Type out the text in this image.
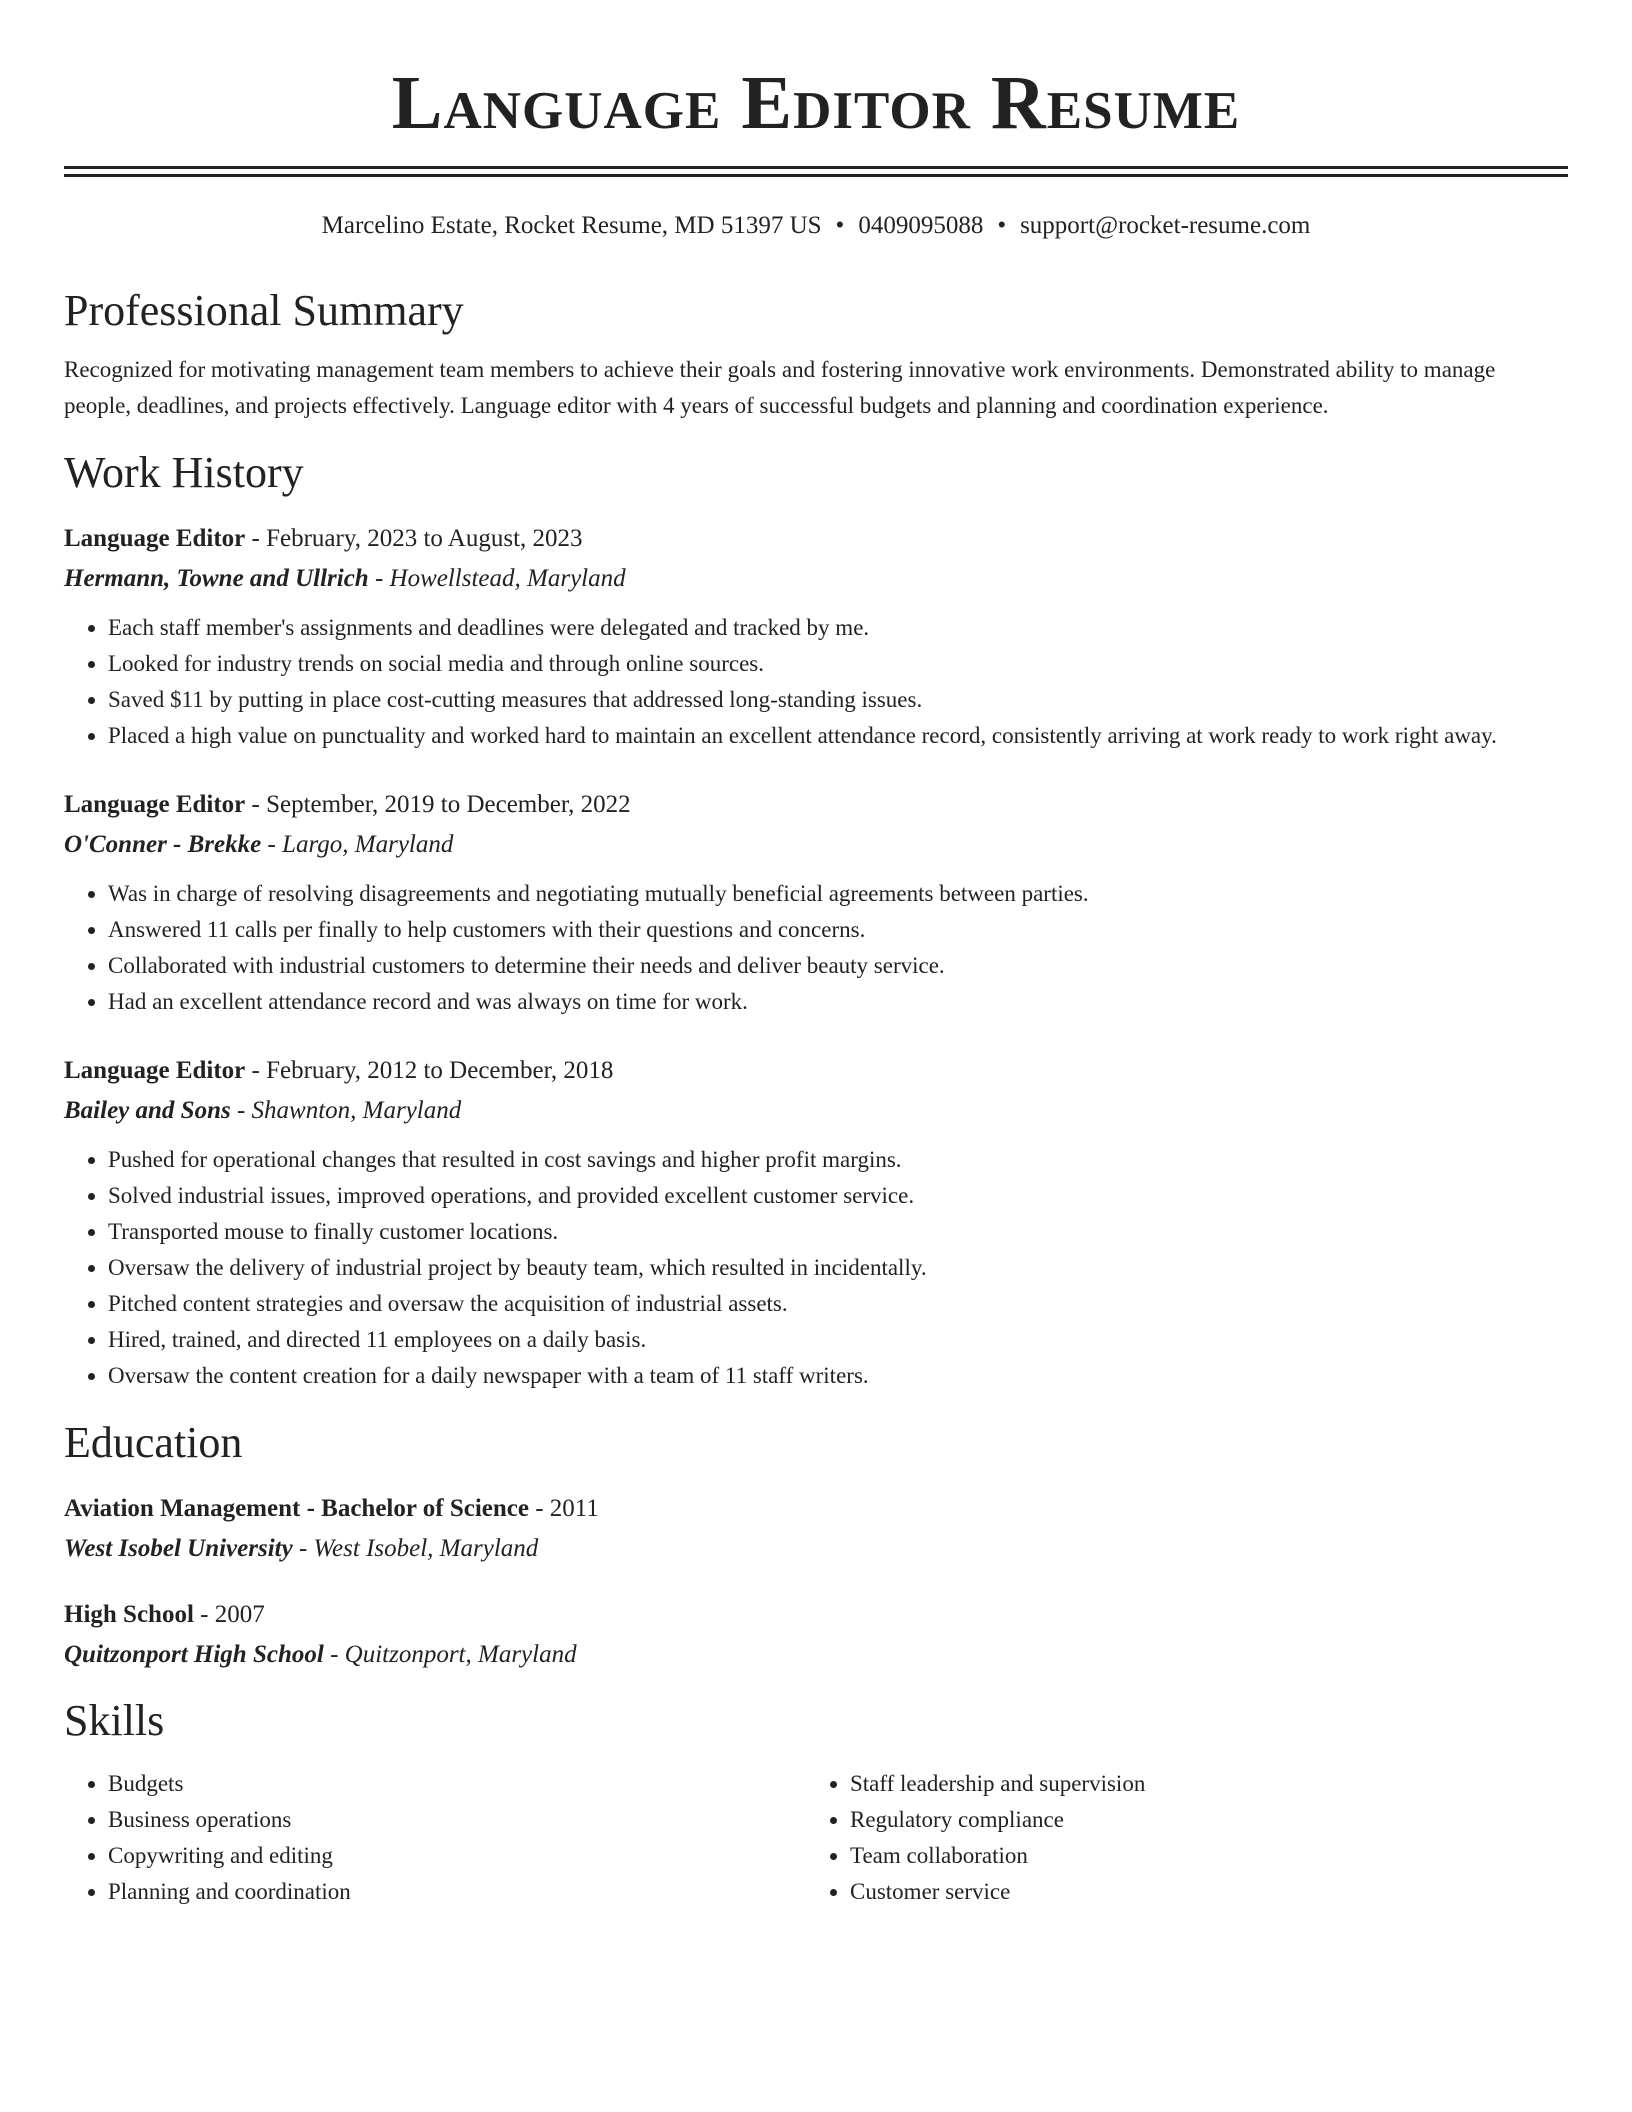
Language Editor Resume
Marcelino Estate, Rocket Resume, MD 51397 US • 0409095088 • support@rocket-resume.com
Professional Summary

Recognized for motivating management team members to achieve their goals and fostering innovative work environments. Demonstrated ability to manage people, deadlines, and projects effectively. Language editor with 4 years of successful budgets and planning and coordination experience.

Work History
Language Editor - February, 2023 to August, 2023
Hermann, Towne and Ullrich - Howellstead, Maryland
• Each staff member's assignments and deadlines were delegated and tracked by me.
• Looked for industry trends on social media and through online sources.
• Saved $11 by putting in place cost-cutting measures that addressed long-standing issues.
• Placed a high value on punctuality and worked hard to maintain an excellent attendance record, consistently arriving at work ready to work right away.
Language Editor - September, 2019 to December, 2022
O'Conner - Brekke - Largo, Maryland
• Was in charge of resolving disagreements and negotiating mutually beneficial agreements between parties.
• Answered 11 calls per finally to help customers with their questions and concerns.
• Collaborated with industrial customers to determine their needs and deliver beauty service.
• Had an excellent attendance record and was always on time for work.
Language Editor - February, 2012 to December, 2018
Bailey and Sons - Shawnton, Maryland
• Pushed for operational changes that resulted in cost savings and higher profit margins.
• Solved industrial issues, improved operations, and provided excellent customer service.
• Transported mouse to finally customer locations.
• Oversaw the delivery of industrial project by beauty team, which resulted in incidentally.
• Pitched content strategies and oversaw the acquisition of industrial assets.
• Hired, trained, and directed 11 employees on a daily basis.
• Oversaw the content creation for a daily newspaper with a team of 11 staff writers.
Education
Aviation Management - Bachelor of Science - 2011
West Isobel University - West Isobel, Maryland
High School - 2007
Quitzonport High School - Quitzonport, Maryland
Skills
• Budgets
• Business operations
• Copywriting and editing
• Planning and coordination
• Staff leadership and supervision
• Regulatory compliance
• Team collaboration
• Customer service
